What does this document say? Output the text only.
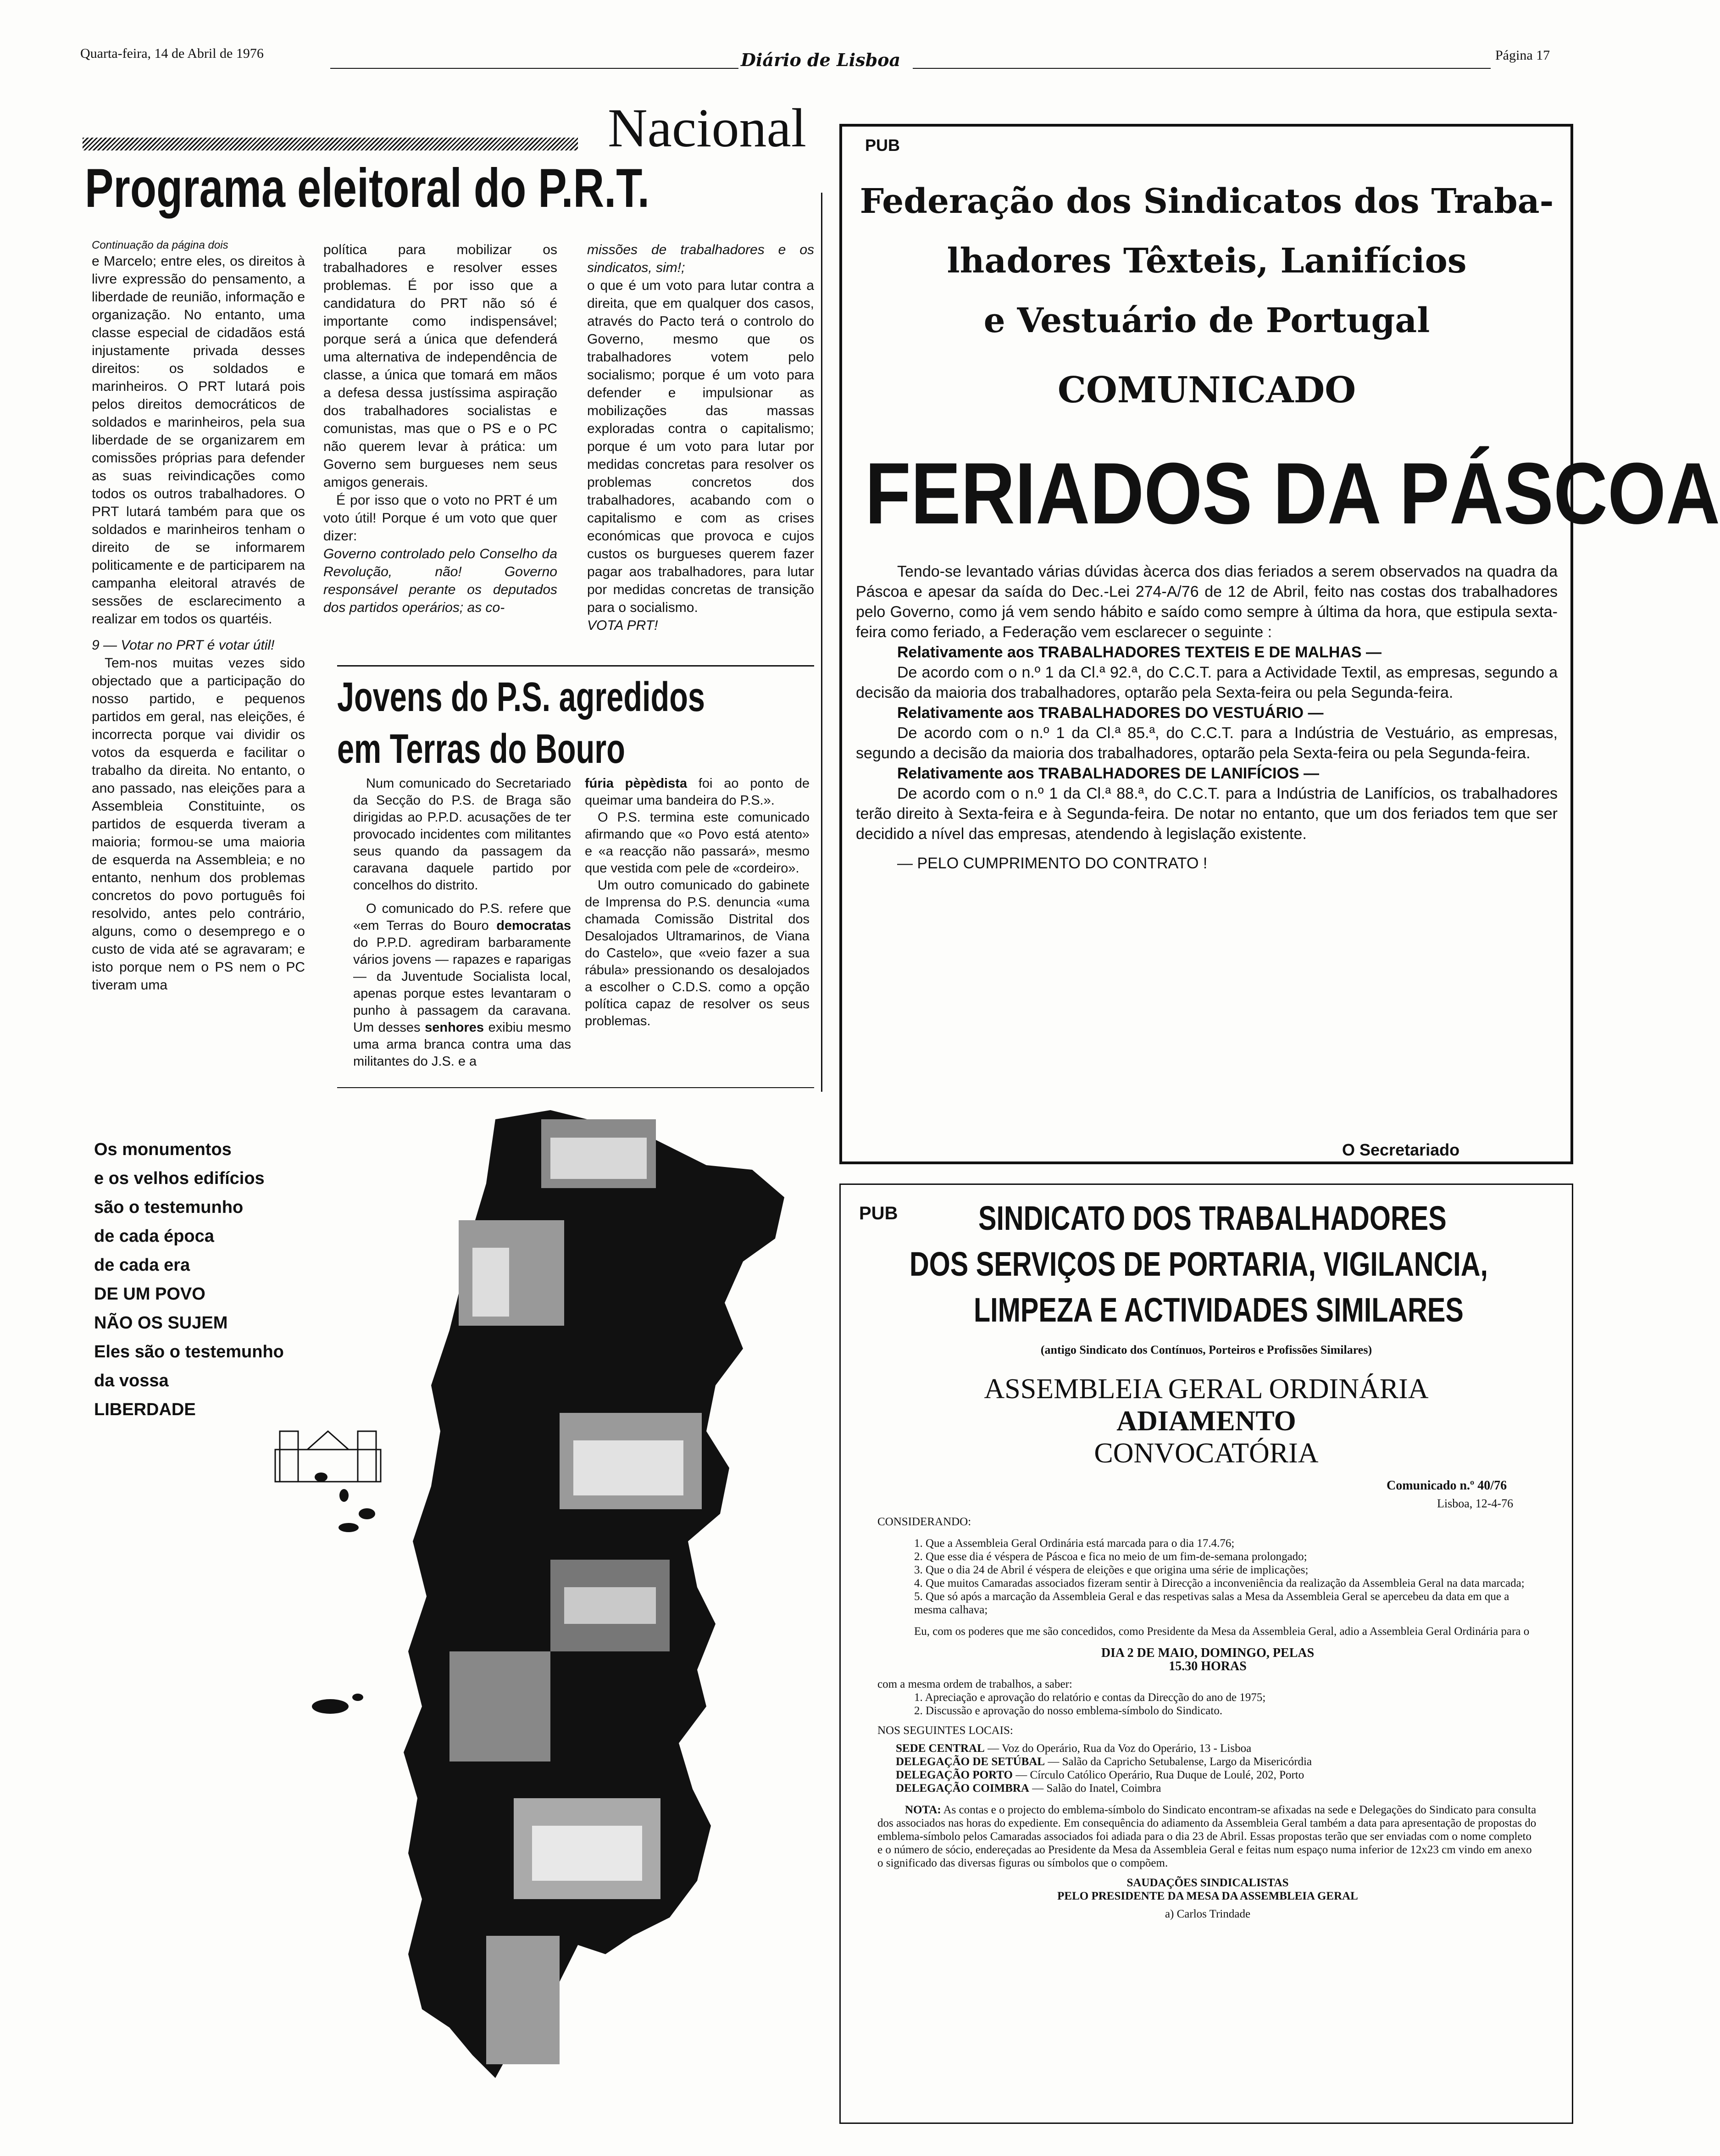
Quarta-feira, 14 de Abril de 1976	Diário de Lisboa	Página 17
Nacional
Programa eleitoral do P.R.T.

Continuação da página dois

e Marcelo; entre eles, os direitos à livre expressão do pensamento, a liberdade de reunião, informação e organização. No entanto, uma classe especial de cidadãos está injustamente privada desses direitos: os soldados e marinheiros. O PRT lutará pois pelos direitos democráticos de soldados e marinheiros, pela sua liberdade de se organizarem em comissões próprias para defender as suas reivindicações como todos os outros trabalhadores. O PRT lutará também para que os soldados e marinheiros tenham o direito de se informarem politicamente e de participarem na campanha eleitoral através de sessões de esclarecimento a realizar em todos os quartéis.

9 — Votar no PRT é votar útil!

Tem-nos muitas vezes sido objectado que a participação do nosso partido, e pequenos partidos em geral, nas eleições, é incorrecta porque vai dividir os votos da esquerda e facilitar o trabalho da direita. No entanto, o ano passado, nas eleições para a Assembleia Constituinte, os partidos de esquerda tiveram a maioria; formou-se uma maioria de esquerda na Assembleia; e no entanto, nenhum dos problemas concretos do povo português foi resolvido, antes pelo contrário, alguns, como o desemprego e o custo de vida até se agravaram; e isto porque nem o PS nem o PC tiveram uma

política para mobilizar os trabalhadores e resolver esses problemas. É por isso que a candidatura do PRT não só é importante como indispensável; porque será a única que defenderá uma alternativa de independência de classe, a única que tomará em mãos a defesa dessa justíssima aspiração dos trabalhadores socialistas e comunistas, mas que o PS e o PC não querem levar à prática: um Governo sem burgueses nem seus amigos generais.

É por isso que o voto no PRT é um voto útil! Porque é um voto que quer dizer:

Governo controlado pelo Conselho da Revolução, não! Governo responsável perante os deputados dos partidos operários; as co-

missões de trabalhadores e os sindicatos, sim!;

o que é um voto para lutar contra a direita, que em qualquer dos casos, através do Pacto terá o controlo do Governo, mesmo que os trabalhadores votem pelo socialismo; porque é um voto para defender e impulsionar as mobilizações das massas exploradas contra o capitalismo; porque é um voto para lutar por medidas concretas para resolver os problemas concretos dos trabalhadores, acabando com o capitalismo e com as crises económicas que provoca e cujos custos os burgueses querem fazer pagar aos trabalhadores, para lutar por medidas concretas de transição para o socialismo.

VOTA PRT!

Jovens do P.S. agredidos
em Terras do Bouro

Num comunicado do Secretariado da Secção do P.S. de Braga são dirigidas ao P.P.D. acusações de ter provocado incidentes com militantes seus quando da passagem da caravana daquele partido por concelhos do distrito.

O comunicado do P.S. refere que «em Terras do Bouro democratas do P.P.D. agrediram barbaramente vários jovens — rapazes e raparigas — da Juventude Socialista local, apenas porque estes levantaram o punho à passagem da caravana. Um desses senhores exibiu mesmo uma arma branca contra uma das militantes do J.S. e a

fúria pèpèdista foi ao ponto de queimar uma bandeira do P.S.».

O P.S. termina este comunicado afirmando que «o Povo está atento» e «a reacção não passará», mesmo que vestida com pele de «cordeiro».

Um outro comunicado do gabinete de Imprensa do P.S. denuncia «uma chamada Comissão Distrital dos Desalojados Ultramarinos, de Viana do Castelo», que «veio fazer a sua rábula» pressionando os desalojados a escolher o C.D.S. como a opção política capaz de resolver os seus problemas.

Os monumentos
e os velhos edifícios
são o testemunho
de cada época
de cada era
DE UM POVO
NÃO OS SUJEM
Eles são o testemunho
da vossa
LIBERDADE
PUB
Federação dos Sindicatos dos Traba-
lhadores Têxteis, Lanifícios
e Vestuário de Portugal
COMUNICADO
FERIADOS DA PÁSCOA

Tendo-se levantado várias dúvidas àcerca dos dias feriados a serem observados na quadra da Páscoa e apesar da saída do Dec.-Lei 274-A/76 de 12 de Abril, feito nas costas dos trabalhadores pelo Governo, como já vem sendo hábito e saído como sempre à última da hora, que estipula sexta-feira como feriado, a Federação vem esclarecer o seguinte :

Relativamente aos TRABALHADORES TEXTEIS E DE MALHAS —

De acordo com o n.º 1 da Cl.ª 92.ª, do C.C.T. para a Actividade Textil, as empresas, segundo a decisão da maioria dos trabalhadores, optarão pela Sexta-feira ou pela Segunda-feira.

Relativamente aos TRABALHADORES DO VESTUÁRIO —

De acordo com o n.º 1 da Cl.ª 85.ª, do C.C.T. para a Indústria de Vestuário, as empresas, segundo a decisão da maioria dos trabalhadores, optarão pela Sexta-feira ou pela Segunda-feira.

Relativamente aos TRABALHADORES DE LANIFÍCIOS —

De acordo com o n.º 1 da Cl.ª 88.ª, do C.C.T. para a Indústria de Lanifícios, os trabalhadores terão direito à Sexta-feira e à Segunda-feira. De notar no entanto, que um dos feriados tem que ser decidido a nível das empresas, atendendo à legislação existente.

— PELO CUMPRIMENTO DO CONTRATO !

O Secretariado
PUB SINDICATO DOS TRABALHADORES
DOS SERVIÇOS DE PORTARIA, VIGILANCIA,
LIMPEZA E ACTIVIDADES SIMILARES
(antigo Sindicato dos Contínuos, Porteiros e Profissões Similares)
ASSEMBLEIA GERAL ORDINÁRIA
ADIAMENTO
CONVOCATÓRIA
Comunicado n.º 40/76
Lisboa, 12-4-76
CONSIDERANDO:
1. Que a Assembleia Geral Ordinária está marcada para o dia 17.4.76;
2. Que esse dia é véspera de Páscoa e fica no meio de um fim-de-semana prolongado;
3. Que o dia 24 de Abril é véspera de eleições e que origina uma série de implicações;
4. Que muitos Camaradas associados fizeram sentir à Direcção a inconveniência da realização da Assembleia Geral na data marcada;
5. Que só após a marcação da Assembleia Geral e das respetivas salas a Mesa da Assembleia Geral se apercebeu da data em que a mesma calhava;
Eu, com os poderes que me são concedidos, como Presidente da Mesa da Assembleia Geral, adio a Assembleia Geral Ordinária para o
DIA 2 DE MAIO, DOMINGO, PELAS
15.30 HORAS
com a mesma ordem de trabalhos, a saber:
1. Apreciação e aprovação do relatório e contas da Direcção do ano de 1975;
2. Discussão e aprovação do nosso emblema-símbolo do Sindicato.
NOS SEGUINTES LOCAIS:
SEDE CENTRAL — Voz do Operário, Rua da Voz do Operário, 13 - Lisboa
DELEGAÇÃO DE SETÚBAL — Salão da Capricho Setubalense, Largo da Misericórdia
DELEGAÇÃO PORTO — Círculo Católico Operário, Rua Duque de Loulé, 202, Porto
DELEGAÇÃO COIMBRA — Salão do Inatel, Coimbra
NOTA: As contas e o projecto do emblema-símbolo do Sindicato encontram-se afixadas na sede e Delegações do Sindicato para consulta dos associados nas horas do expediente. Em consequência do adiamento da Assembleia Geral também a data para apresentação de propostas do emblema-símbolo pelos Camaradas associados foi adiada para o dia 23 de Abril. Essas propostas terão que ser enviadas com o nome completo e o número de sócio, endereçadas ao Presidente da Mesa da Assembleia Geral e feitas num espaço numa inferior de 12x23 cm vindo em anexo o significado das diversas figuras ou símbolos que o compõem.
SAUDAÇÕES SINDICALISTAS
PELO PRESIDENTE DA MESA DA ASSEMBLEIA GERAL
a) Carlos Trindade
